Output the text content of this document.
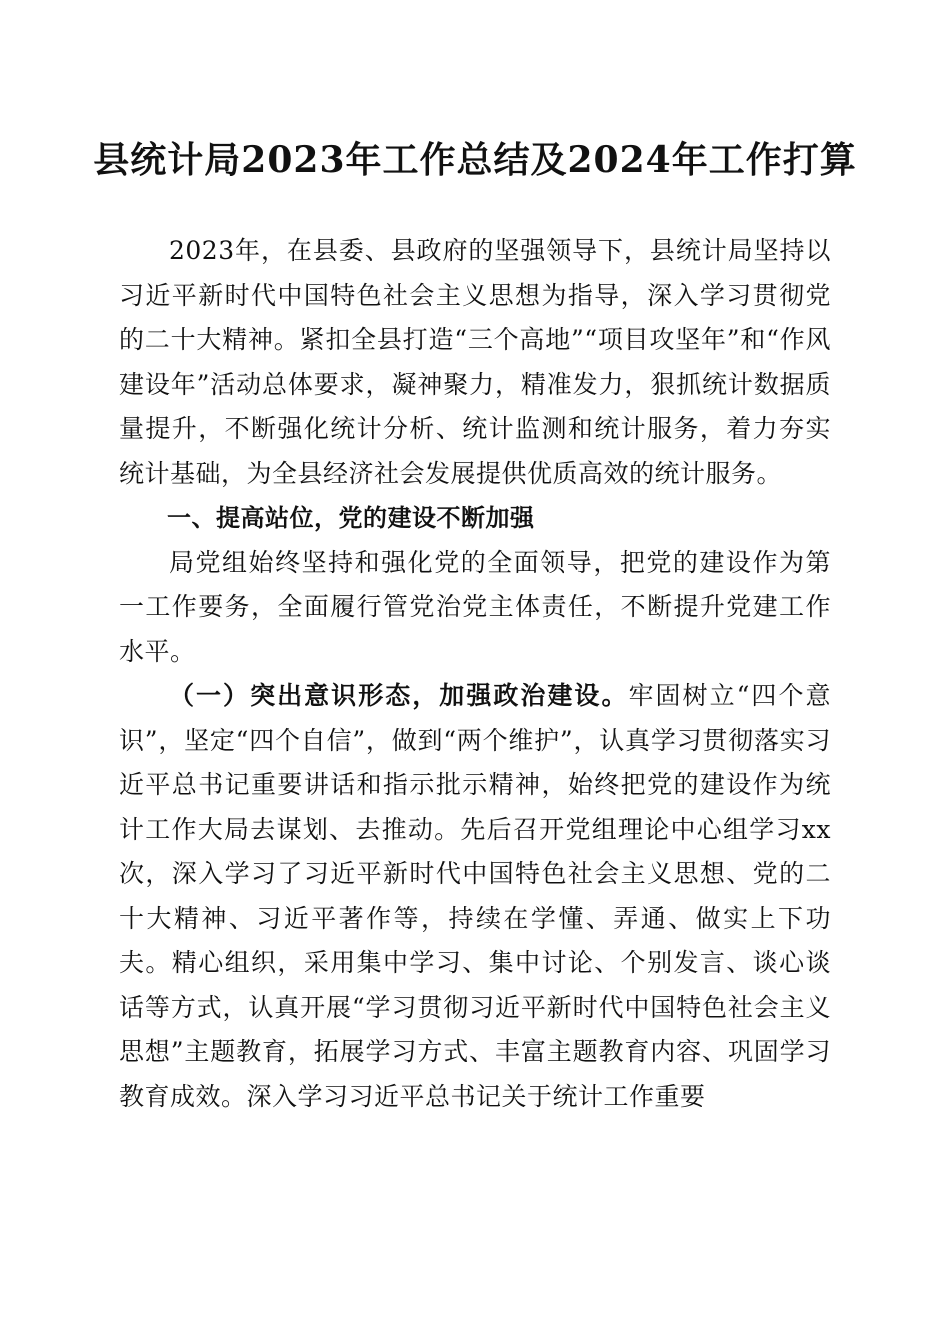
县统计局2023年工作总结及2024年工作打算

2023年，在县委、县政府的坚强领导下，县统计局坚持以习近平新时代中国特色社会主义思想为指导，深入学习贯彻党的二十大精神。紧扣全县打造“三个高地”“项目攻坚年”和“作风建设年”活动总体要求，凝神聚力，精准发力，狠抓统计数据质量提升，不断强化统计分析、统计监测和统计服务，着力夯实统计基础，为全县经济社会发展提供优质高效的统计服务。

一、提高站位，党的建设不断加强

局党组始终坚持和强化党的全面领导，把党的建设作为第一工作要务，全面履行管党治党主体责任，不断提升党建工作水平。

（一）突出意识形态，加强政治建设。牢固树立“四个意识”，坚定“四个自信”，做到“两个维护”，认真学习贯彻落实习近平总书记重要讲话和指示批示精神，始终把党的建设作为统计工作大局去谋划、去推动。先后召开党组理论中心组学习xx次，深入学习了习近平新时代中国特色社会主义思想、党的二十大精神、习近平著作等，持续在学懂、弄通、做实上下功夫。精心组织，采用集中学习、集中讨论、个别发言、谈心谈话等方式，认真开展“学习贯彻习近平新时代中国特色社会主义思想”主题教育，拓展学习方式、丰富主题教育内容、巩固学习教育成效。深入学习习近平总书记关于统计工作重要
